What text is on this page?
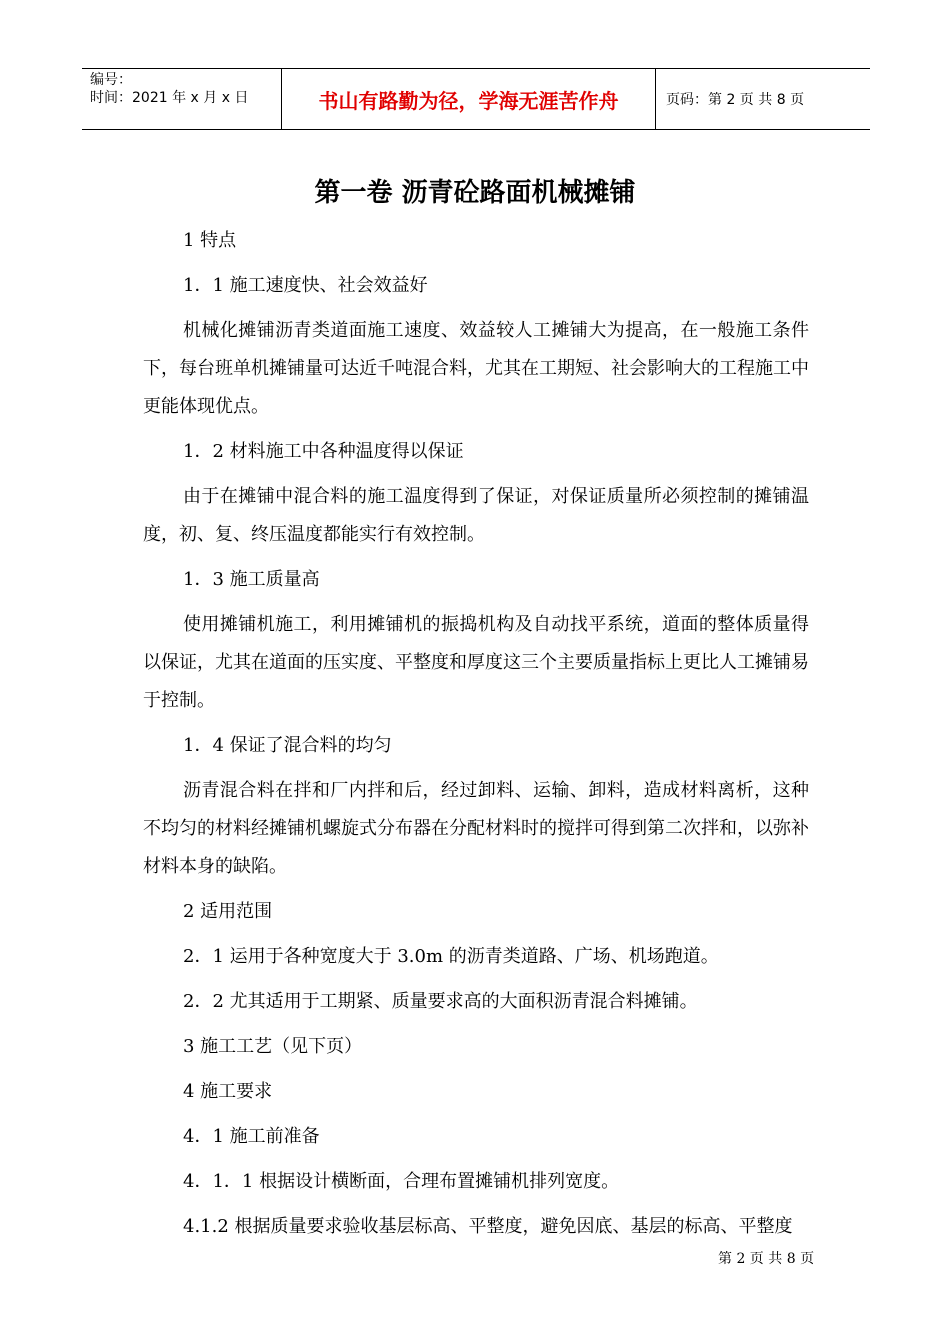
编号：
时间：2021 年 x 月 x 日	书山有路勤为径，学海无涯苦作舟	页码：第 2 页 共 8 页
第一卷 沥青砼路面机械摊铺

1 特点

1．1 施工速度快、社会效益好

机械化摊铺沥青类道面施工速度、效益较人工摊铺大为提高，在一般施工条件下，每台班单机摊铺量可达近千吨混合料，尤其在工期短、社会影响大的工程施工中更能体现优点。

1．2 材料施工中各种温度得以保证

由于在摊铺中混合料的施工温度得到了保证，对保证质量所必须控制的摊铺温度，初、复、终压温度都能实行有效控制。

1．3 施工质量高

使用摊铺机施工，利用摊铺机的振捣机构及自动找平系统，道面的整体质量得以保证，尤其在道面的压实度、平整度和厚度这三个主要质量指标上更比人工摊铺易于控制。

1．4 保证了混合料的均匀

沥青混合料在拌和厂内拌和后，经过卸料、运输、卸料，造成材料离析，这种不均匀的材料经摊铺机螺旋式分布器在分配材料时的搅拌可得到第二次拌和，以弥补材料本身的缺陷。

2 适用范围

2．1 运用于各种宽度大于 3.0m 的沥青类道路、广场、机场跑道。

2．2 尤其适用于工期紧、质量要求高的大面积沥青混合料摊铺。

3 施工工艺（见下页）

4 施工要求

4．1 施工前准备

4．1．1 根据设计横断面，合理布置摊铺机排列宽度。

4.1.2 根据质量要求验收基层标高、平整度，避免因底、基层的标高、平整度

第 2 页 共 8 页
